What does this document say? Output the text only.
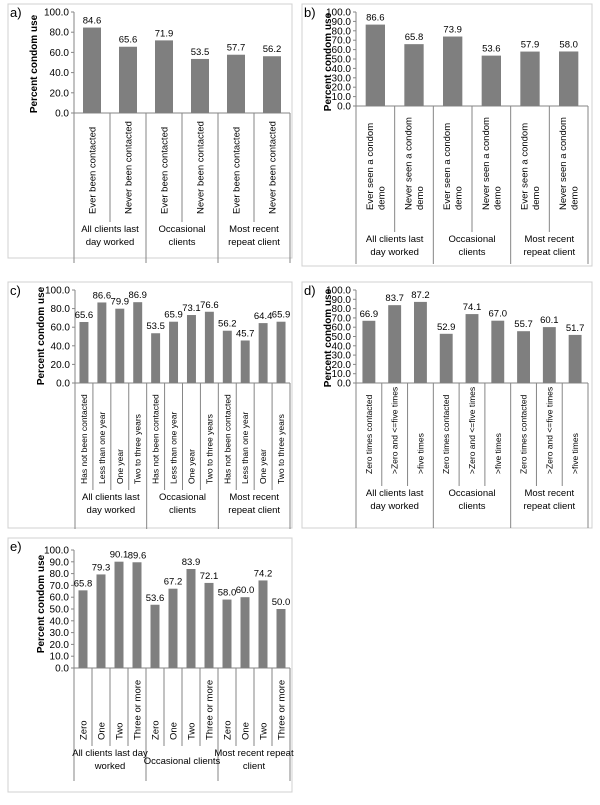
a)
Percent condom use
0.0
20.0
40.0
60.0
80.0
100.0
84.6
Ever been contacted
65.6
Never been contacted
71.9
Ever been contacted
53.5
Never been contacted
57.7
Ever been contacted
56.2
Never been contacted
All clients last
day worked
Occasional
clients
Most recent
repeat client
b)
Percent condom use 0.0
10.0
20.0
30.0
40.0
50.0
60.0
70.0
80.0
90.0
100.0 86.6
Ever seen a condom demo
65.8
Never seen a condom demo
73.9
Ever seen a condom demo
53.6
Never seen a condom demo
57.9
Ever seen a condom demo
58.0
Never seen a condom demo
All clients last
day worked
Occasional
clients
Most recent
repeat client
c) Percent condom use 0.0
20.0
40.0
60.0
80.0
100.0
65.6
Has not been contacted
86.6
Less than one year
79.9
One year
86.9
Two to three years
53.5
Has not been contacted
65.9
Less than one year
73.1
One year
76.6
Two to three years
56.2
Has not been contacted
45.7
Less than one year
64.4
One year
65.9
Two to three years
All clients last
day worked
Occasional
clients
Most recent
repeat client
d) Percent condom use 0.0
10.0
20.0
30.0
40.0
50.0
60.0
70.0
80.0
90.0
100.0
66.9
Zero times contacted
83.7
>Zero and <=five times
87.2
>five times
52.9
Zero times contacted
74.1
>Zero and <=five times
67.0
>five times
55.7
Zero times contacted
60.1
>Zero and <=five times
51.7
>five times
All clients last
day worked
Occasional
clients
Most recent
repeat client
e)
Percent condom use
0.0
10.0
20.0
30.0
40.0
50.0
60.0
70.0
80.0
90.0
100.0
65.8
Zero
79.3
One
90.1
Two
89.6
Three or more
53.6
Zero
67.2
One
83.9
Two
72.1
Three or more
58.0
Zero
60.0
One
74.2
Two
50.0
Three or more
All clients last day
worked Occasional clients
Most recent repeat
client
